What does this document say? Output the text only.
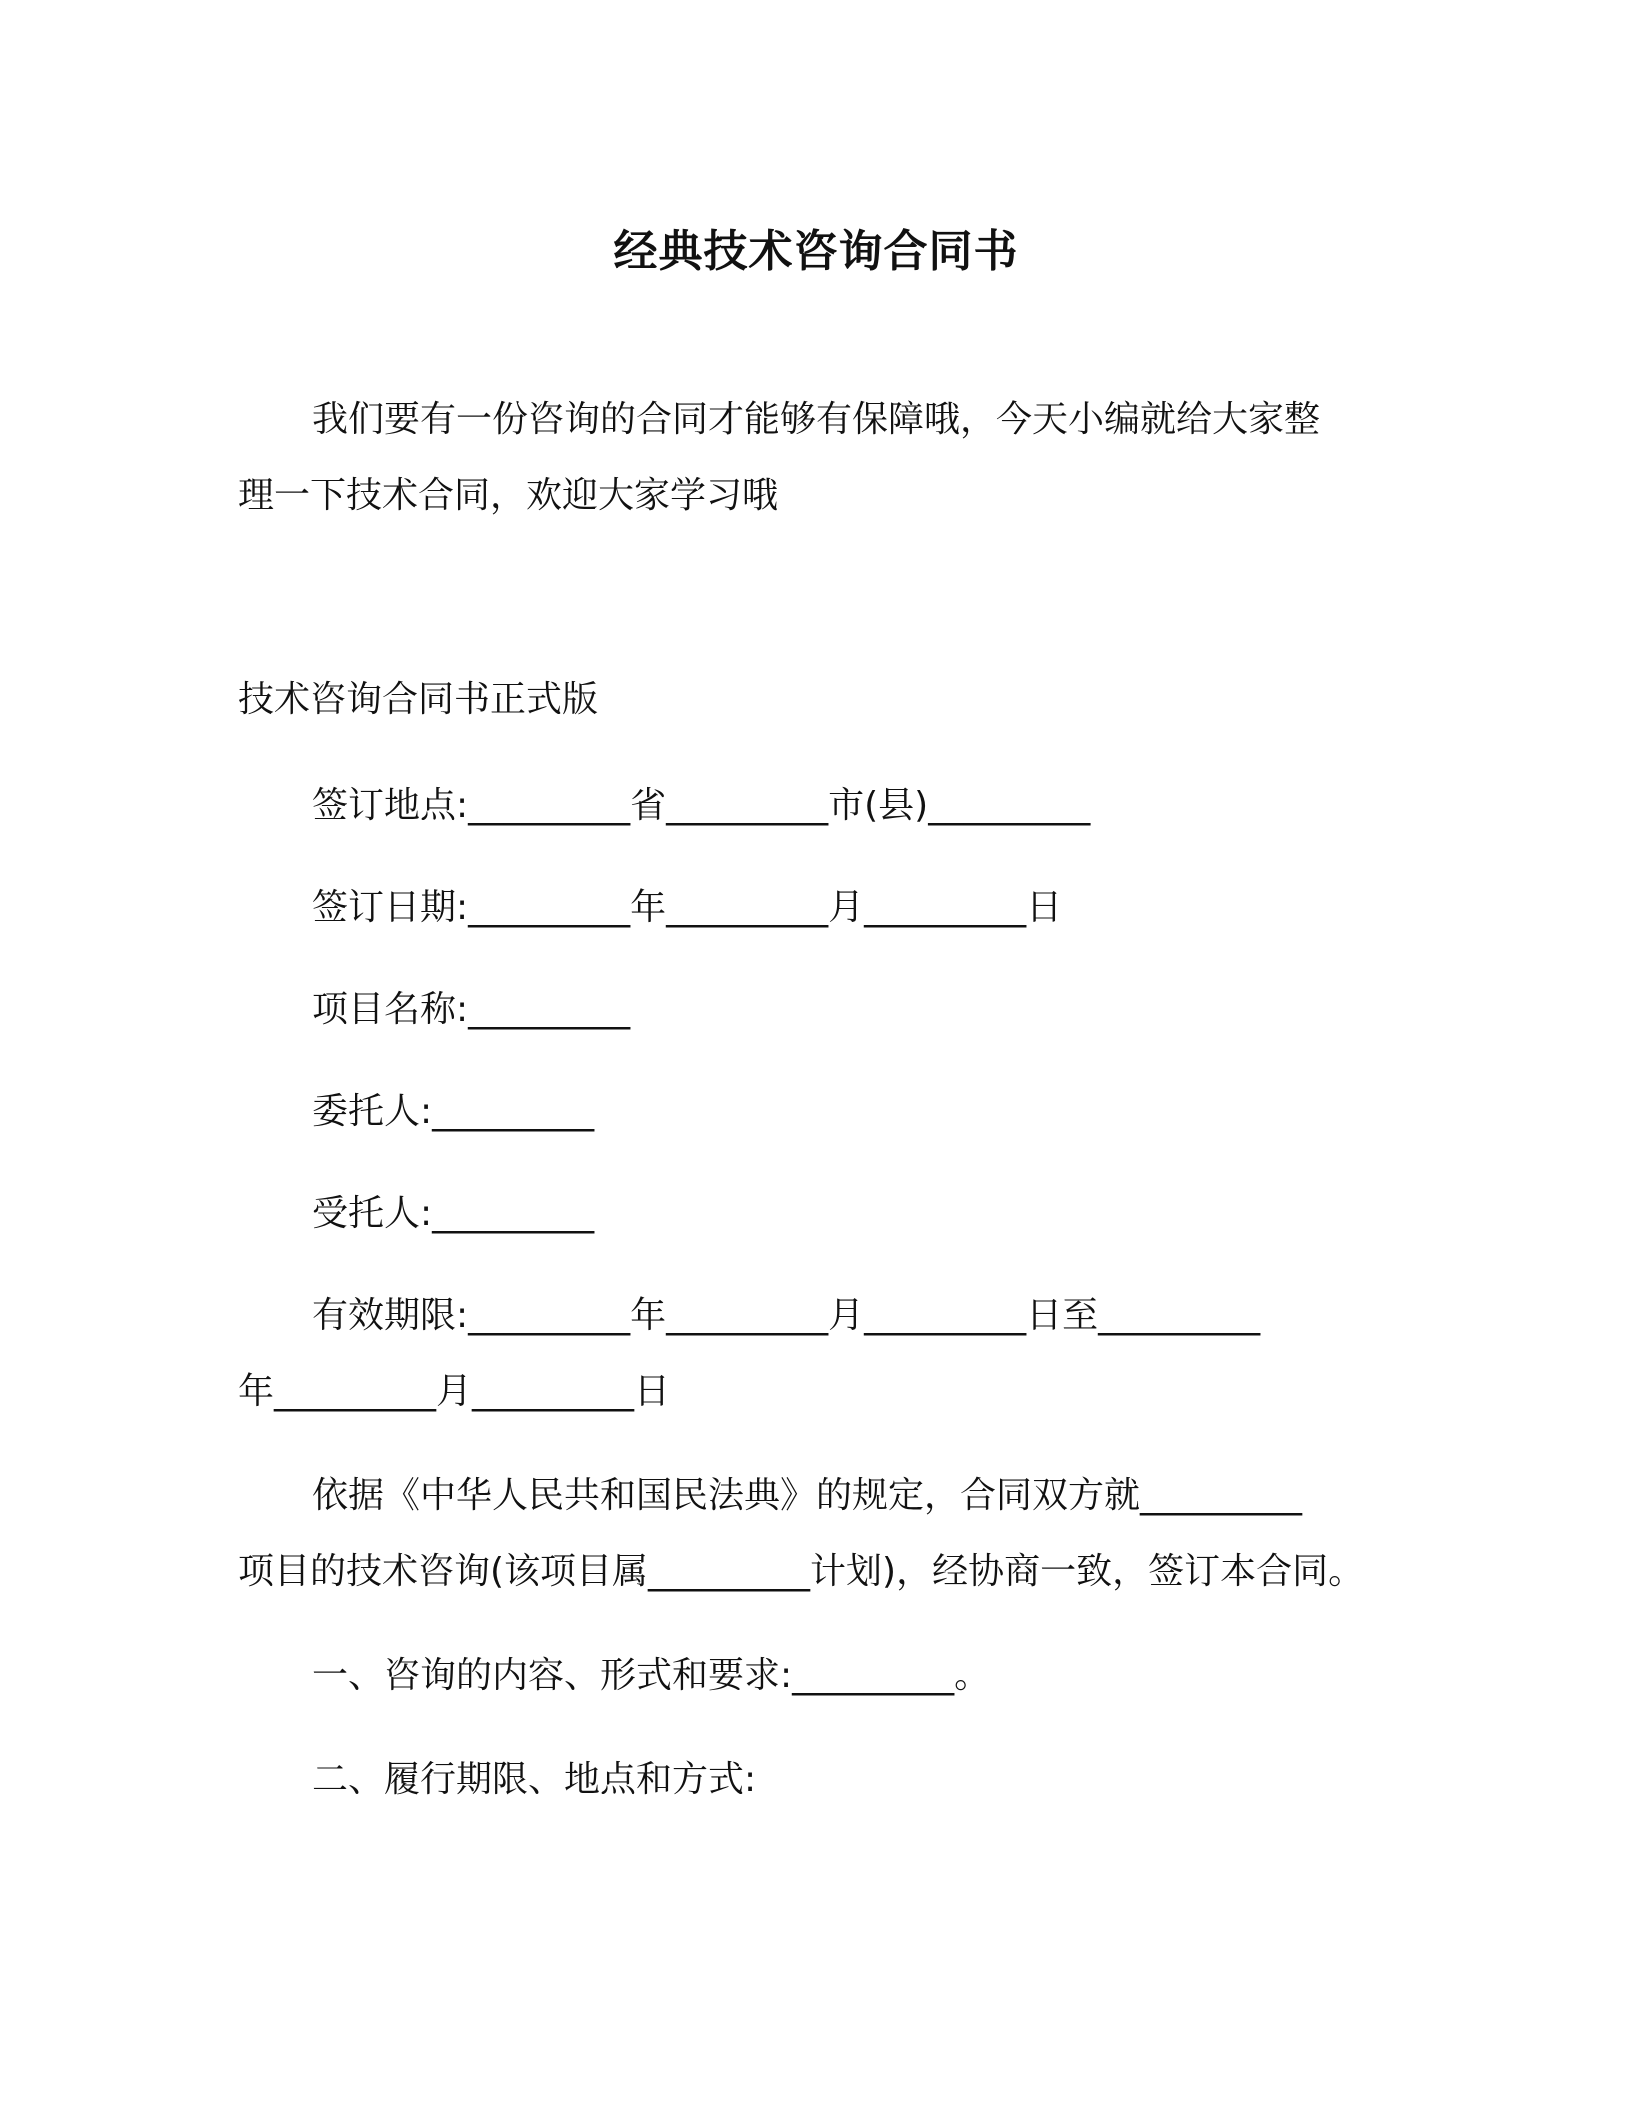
经典技术咨询合同书
我们要有一份咨询的合同才能够有保障哦，今天小编就给大家整
理一下技术合同，欢迎大家学习哦
技术咨询合同书正式版
签订地点:_________省_________市(县)_________
签订日期:_________年_________月_________日
项目名称:_________
委托人:_________
受托人:_________
有效期限:_________年_________月_________日至_________
年_________月_________日
依据《中华人民共和国民法典》的规定，合同双方就_________
项目的技术咨询(该项目属_________计划)，经协商一致，签订本合同。
一、咨询的内容、形式和要求:_________。
二、履行期限、地点和方式:
